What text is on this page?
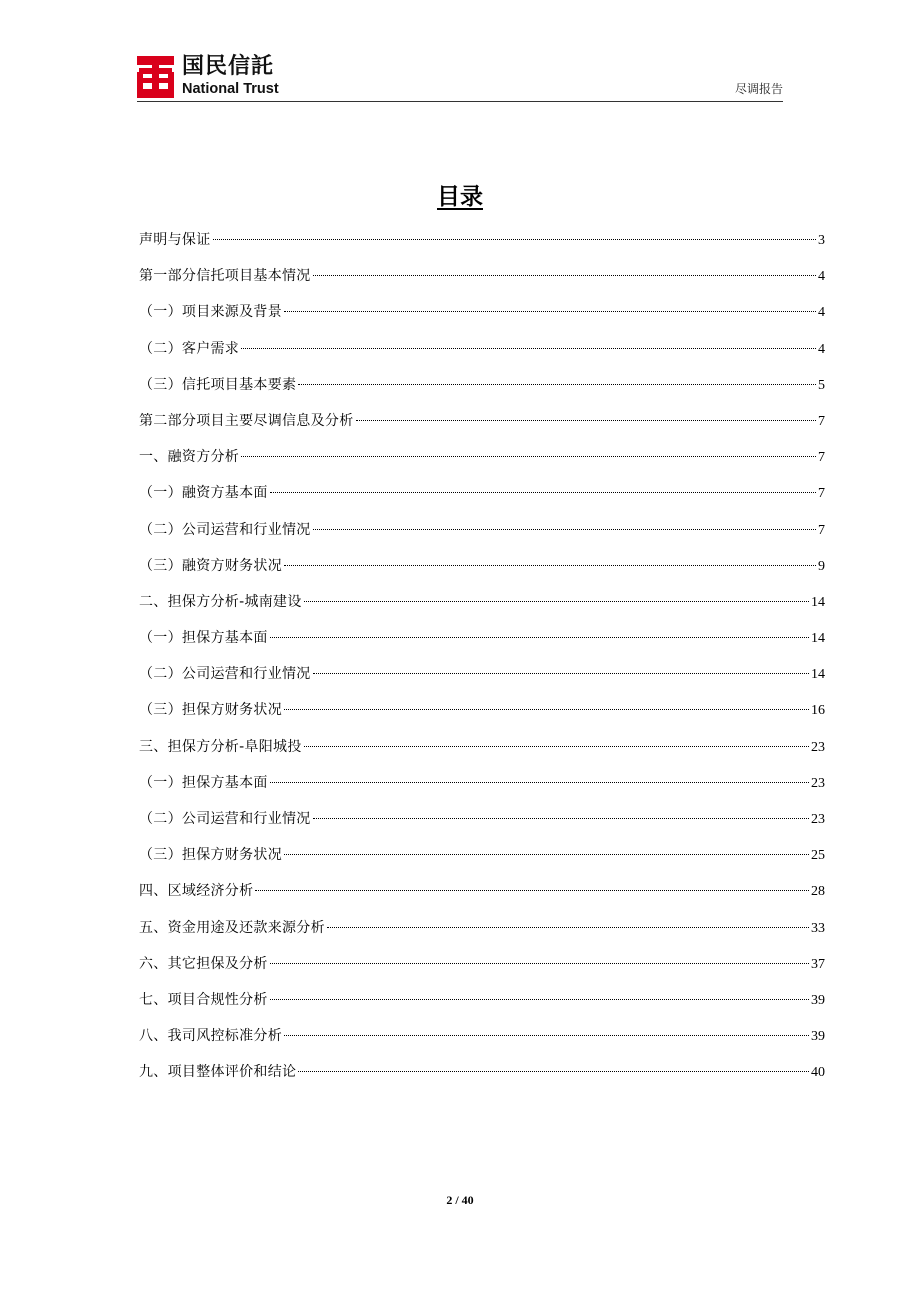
国民信託
National Trust	尽调报告
目录
声明与保证	3
第一部分信托项目基本情况	4
（一）项目来源及背景	4
（二）客户需求	4
（三）信托项目基本要素	5
第二部分项目主要尽调信息及分析	7
一、融资方分析	7
（一）融资方基本面	7
（二）公司运营和行业情况	7
（三）融资方财务状况	9
二、担保方分析-城南建设	14
（一）担保方基本面	14
（二）公司运营和行业情况	14
（三）担保方财务状况	16
三、担保方分析-阜阳城投	23
（一）担保方基本面	23
（二）公司运营和行业情况	23
（三）担保方财务状况	25
四、区域经济分析	28
五、资金用途及还款来源分析	33
六、其它担保及分析	37
七、项目合规性分析	39
八、我司风控标准分析	39
九、项目整体评价和结论	40
2 / 40
